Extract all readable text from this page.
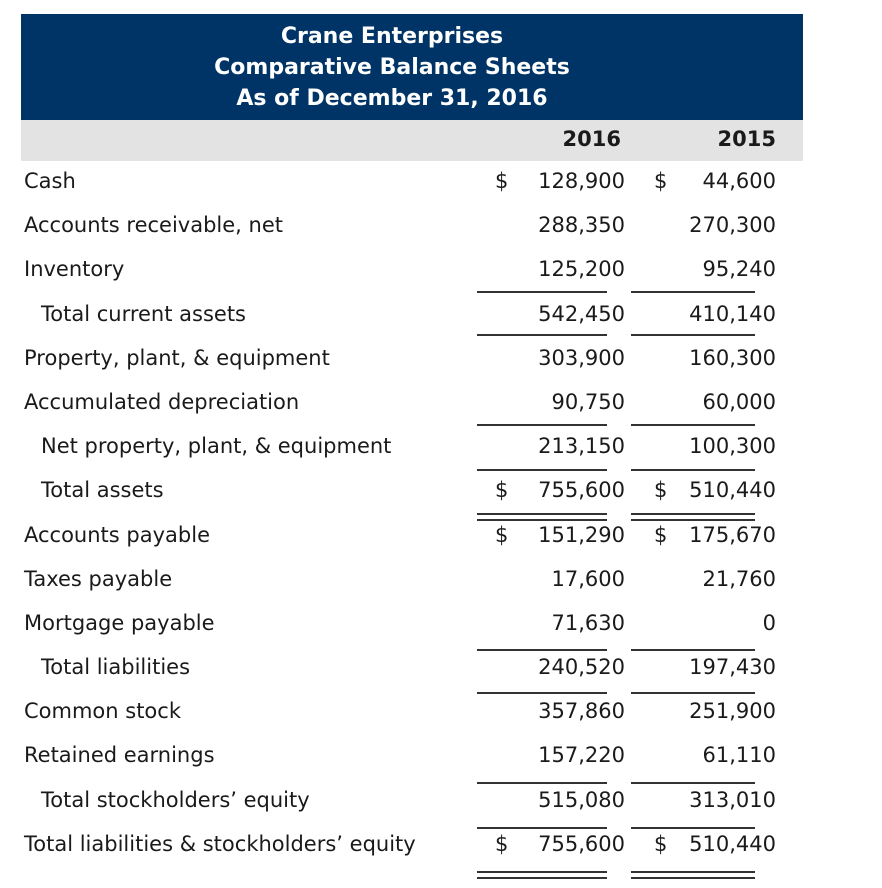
Crane Enterprises
Comparative Balance Sheets
As of December 31, 2016
2016	2015
Cash	$ 128,900 $ 44,600
Accounts receivable, net	288,350	270,300
Inventory	125,200	95,240
Total current assets	542,450	410,140
Property, plant, & equipment	303,900	160,300
Accumulated depreciation	90,750	60,000
Net property, plant, & equipment	213,150	100,300
Total assets	$ 755,600 $ 510,440
Accounts payable	$ 151,290 $ 175,670
Taxes payable	17,600	21,760
Mortgage payable	71,630	0
Total liabilities	240,520	197,430
Common stock	357,860	251,900
Retained earnings	157,220	61,110
Total stockholders’ equity	515,080	313,010
Total liabilities & stockholders’ equity	$ 755,600 $ 510,440
